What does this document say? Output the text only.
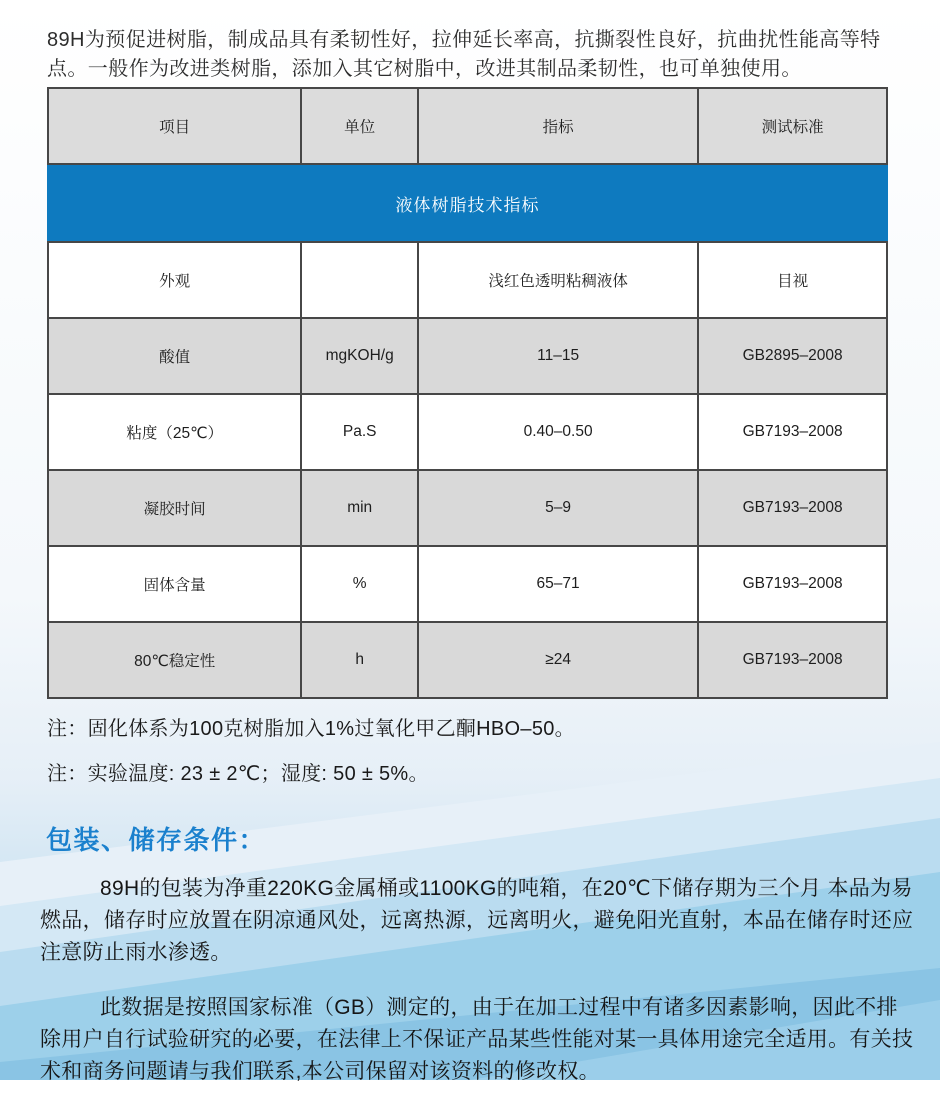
89H为预促进树脂，制成品具有柔韧性好，拉伸延长率高，抗撕裂性良好，抗曲扰性能高等特点。一般作为改进类树脂，添加入其它树脂中，改进其制品柔韧性，也可单独使用。

液体树脂技术指标			
项目	单位	指标	测试标准
外观		浅红色透明粘稠液体	目视
酸值	mgKOH/g	11–15	GB2895–2008
粘度（25℃）	Pa.S	0.40–0.50	GB7193–2008
凝胶时间	min	5–9	GB7193–2008
固体含量	%	65–71	GB7193–2008
80℃稳定性	h	≥24	GB7193–2008

注：固化体系为100克树脂加入1%过氧化甲乙酮HBO–50。

注：实验温度: 23 ± 2℃；湿度: 50 ± 5%。

包装、储存条件：

89H的包装为净重220KG金属桶或1100KG的吨箱，在20℃下储存期为三个月 本品为易燃品，储存时应放置在阴凉通风处，远离热源，远离明火，避免阳光直射，本品在储存时还应注意防止雨水渗透。

此数据是按照国家标准（GB）测定的，由于在加工过程中有诸多因素影响，因此不排除用户自行试验研究的必要，在法律上不保证产品某些性能对某一具体用途完全适用。有关技术和商务问题请与我们联系,本公司保留对该资料的修改权。
